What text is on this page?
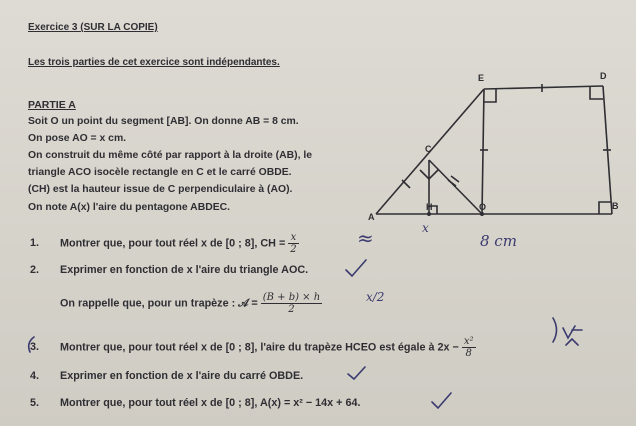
Exercice 3 (SUR LA COPIE)
Les trois parties de cet exercice sont indépendantes.
PARTIE A
Soit O un point du segment [AB]. On donne AB = 8 cm.
On pose AO = x cm.
On construit du même côté par rapport à la droite (AB), le
triangle ACO isocèle rectangle en C et le carré OBDE.
(CH) est la hauteur issue de C perpendiculaire à (AO).
On note A(x) l'aire du pentagone ABDEC.
A
B
C
D
E
H	O
x
1. Montrer que, pour tout réel x de [0 ; 8], CH = $\frac{x}{2}$	≈	8 cm
2. Exprimer en fonction de x l'aire du triangle AOC.
On rappelle que, pour un trapèze : 𝒜 = $\frac{(B + b) \times h}{2}$	x/2
3. Montrer que, pour tout réel x de [0 ; 8], l'aire du trapèze HCEO est égale à $2x - \frac{\text{x²}}{8}$
4. Exprimer en fonction de x l'aire du carré OBDE.
5. Montrer que, pour tout réel x de [0 ; 8], A(x) = x² − 14x + 64.
